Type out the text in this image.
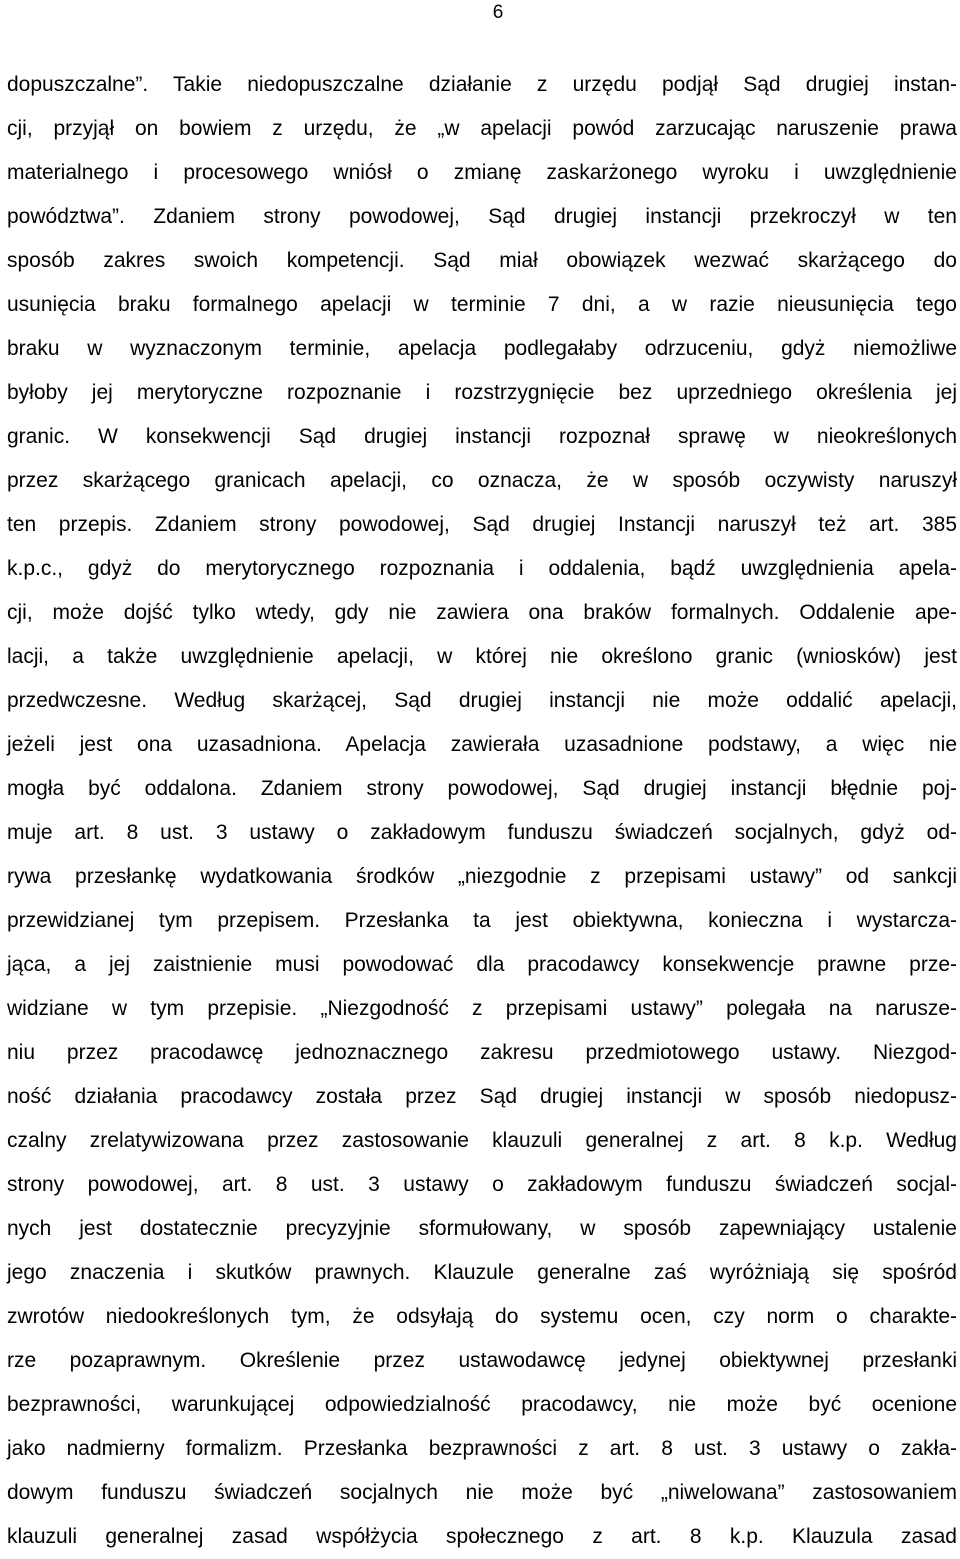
6
dopuszczalne”. Takie niedopuszczalne działanie z urzędu podjął Sąd drugiej instan-
cji, przyjął on bowiem z urzędu, że „w apelacji powód zarzucając naruszenie prawa
materialnego i procesowego wniósł o zmianę zaskarżonego wyroku i uwzględnienie
powództwa”. Zdaniem strony powodowej, Sąd drugiej instancji przekroczył w ten
sposób zakres swoich kompetencji. Sąd miał obowiązek wezwać skarżącego do
usunięcia braku formalnego apelacji w terminie 7 dni, a w razie nieusunięcia tego
braku w wyznaczonym terminie, apelacja podlegałaby odrzuceniu, gdyż niemożliwe
byłoby jej merytoryczne rozpoznanie i rozstrzygnięcie bez uprzedniego określenia jej
granic. W konsekwencji Sąd drugiej instancji rozpoznał sprawę w nieokreślonych
przez skarżącego granicach apelacji, co oznacza, że w sposób oczywisty naruszył
ten przepis. Zdaniem strony powodowej, Sąd drugiej Instancji naruszył też art. 385
k.p.c., gdyż do merytorycznego rozpoznania i oddalenia, bądź uwzględnienia apela-
cji, może dojść tylko wtedy, gdy nie zawiera ona braków formalnych. Oddalenie ape-
lacji, a także uwzględnienie apelacji, w której nie określono granic (wniosków) jest
przedwczesne. Według skarżącej, Sąd drugiej instancji nie może oddalić apelacji,
jeżeli jest ona uzasadniona. Apelacja zawierała uzasadnione podstawy, a więc nie
mogła być oddalona. Zdaniem strony powodowej, Sąd drugiej instancji błędnie poj-
muje art. 8 ust. 3 ustawy o zakładowym funduszu świadczeń socjalnych, gdyż od-
rywa przesłankę wydatkowania środków „niezgodnie z przepisami ustawy” od sankcji
przewidzianej tym przepisem. Przesłanka ta jest obiektywna, konieczna i wystarcza-
jąca, a jej zaistnienie musi powodować dla pracodawcy konsekwencje prawne prze-
widziane w tym przepisie. „Niezgodność z przepisami ustawy” polegała na narusze-
niu przez pracodawcę jednoznacznego zakresu przedmiotowego ustawy. Niezgod-
ność działania pracodawcy została przez Sąd drugiej instancji w sposób niedopusz-
czalny zrelatywizowana przez zastosowanie klauzuli generalnej z art. 8 k.p. Według
strony powodowej, art. 8 ust. 3 ustawy o zakładowym funduszu świadczeń socjal-
nych jest dostatecznie precyzyjnie sformułowany, w sposób zapewniający ustalenie
jego znaczenia i skutków prawnych. Klauzule generalne zaś wyróżniają się spośród
zwrotów niedookreślonych tym, że odsyłają do systemu ocen, czy norm o charakte-
rze pozaprawnym. Określenie przez ustawodawcę jedynej obiektywnej przesłanki
bezprawności, warunkującej odpowiedzialność pracodawcy, nie może być ocenione
jako nadmierny formalizm. Przesłanka bezprawności z art. 8 ust. 3 ustawy o zakła-
dowym funduszu świadczeń socjalnych nie może być „niwelowana” zastosowaniem
klauzuli generalnej zasad współżycia społecznego z art. 8 k.p. Klauzula zasad
